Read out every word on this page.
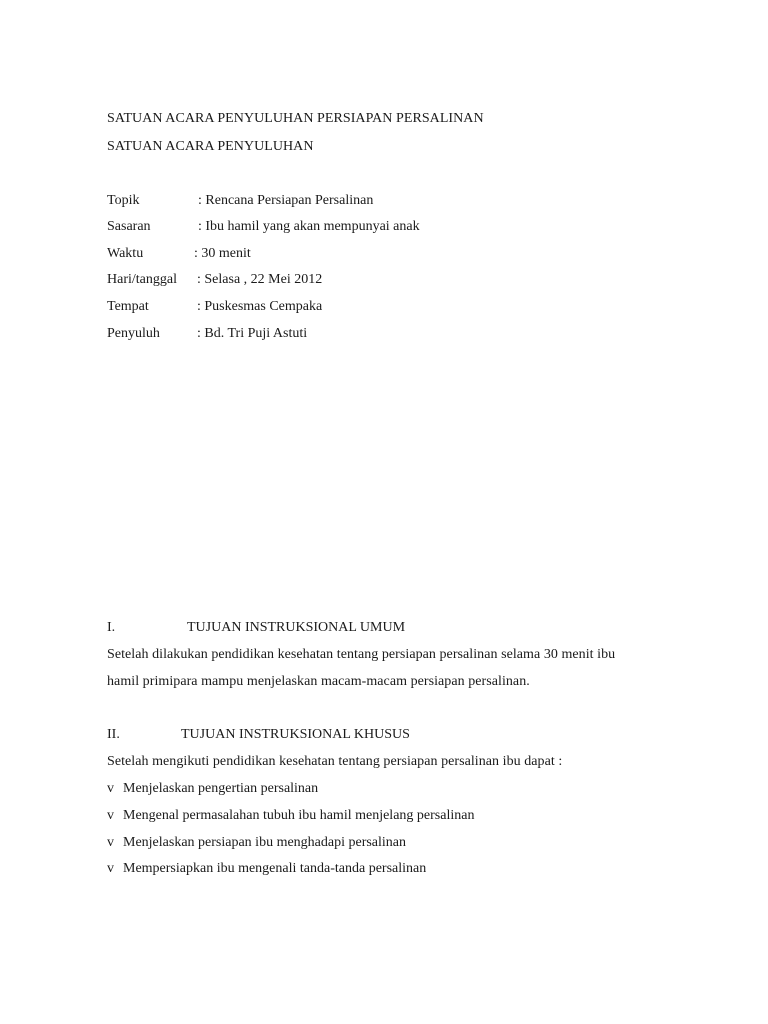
SATUAN ACARA PENYULUHAN PERSIAPAN PERSALINAN
SATUAN ACARA PENYULUHAN
Topik	: Rencana Persiapan Persalinan
Sasaran	: Ibu hamil yang akan mempunyai anak
Waktu	: 30 menit
Hari/tanggal : Selasa , 22 Mei 2012
Tempat	: Puskesmas Cempaka
Penyuluh	: Bd. Tri Puji Astuti
I.	TUJUAN INSTRUKSIONAL UMUM
Setelah dilakukan pendidikan kesehatan tentang persiapan persalinan selama 30 menit ibu
hamil primipara mampu menjelaskan macam-macam persiapan persalinan.
II.	TUJUAN INSTRUKSIONAL KHUSUS
Setelah mengikuti pendidikan kesehatan tentang persiapan persalinan ibu dapat :
v Menjelaskan pengertian persalinan
v Mengenal permasalahan tubuh ibu hamil menjelang persalinan
v Menjelaskan persiapan ibu menghadapi persalinan
v Mempersiapkan ibu mengenali tanda-tanda persalinan
